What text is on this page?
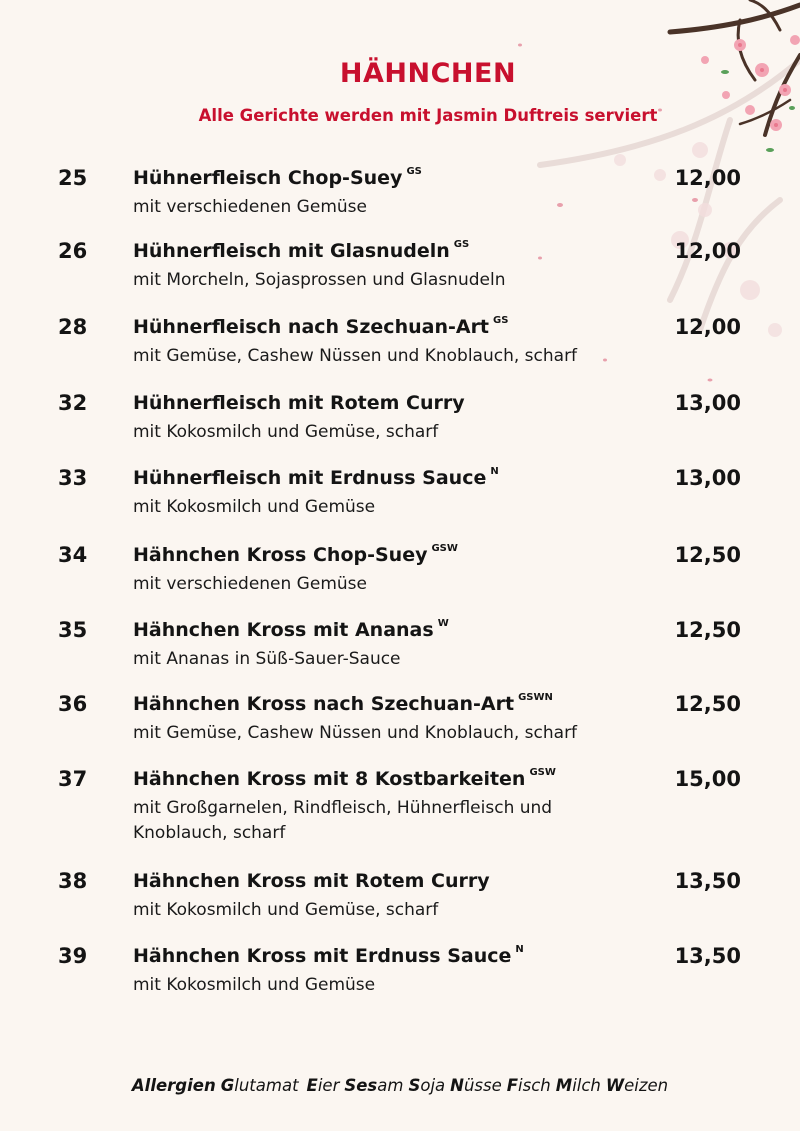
HÄHNCHEN
Alle Gerichte werden mit Jasmin Duftreis serviert
25 Hühnerfleisch Chop-Suey $^{GS}$
mit verschiedenen Gemüse
12,00
26 Hühnerfleisch mit Glasnudeln $^{GS}$
mit Morcheln, Sojasprossen und Glasnudeln
12,00
28 Hühnerfleisch nach Szechuan-Art $^{GS}$
mit Gemüse, Cashew Nüssen und Knoblauch, scharf
12,00
32 Hühnerfleisch mit Rotem Curry
mit Kokosmilch und Gemüse, scharf
13,00
33 Hühnerfleisch mit Erdnuss Sauce $^N$
mit Kokosmilch und Gemüse
13,00
34 Hähnchen Kross Chop-Suey $^{GSW}$
mit verschiedenen Gemüse
12,50
35 Hähnchen Kross mit Ananas $^W$
mit Ananas in Süß-Sauer-Sauce
12,50
36 Hähnchen Kross nach Szechuan-Art $^{GSWN}$
mit Gemüse, Cashew Nüssen und Knoblauch, scharf
12,50
37 Hähnchen Kross mit 8 Kostbarkeiten $^{GSW}$
mit Großgarnelen, Rindfleisch, Hühnerfleisch und Knoblauch, scharf
15,00
38 Hähnchen Kross mit Rotem Curry
mit Kokosmilch und Gemüse, scharf
13,50
39 Hähnchen Kross mit Erdnuss Sauce $^N$
mit Kokosmilch und Gemüse
13,50
Allergien Glutamat Eier Sesam Soja Nüsse Fisch Milch Weizen
